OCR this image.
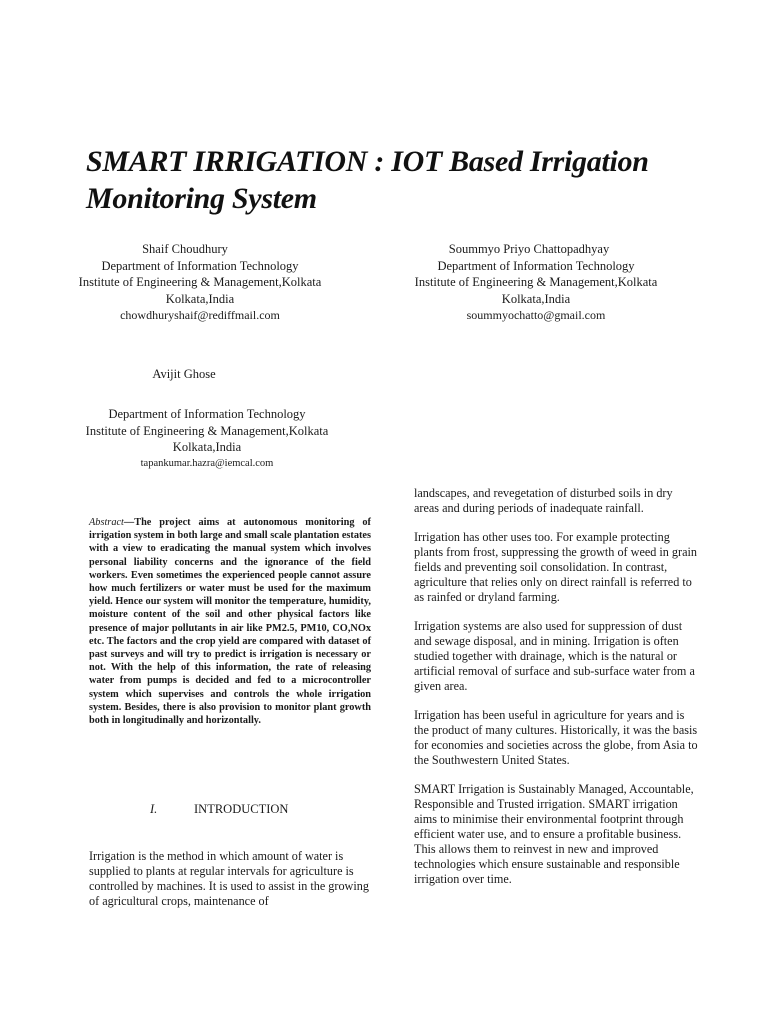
SMART IRRIGATION : IOT Based Irrigation Monitoring System
Shaif Choudhury
Department of Information Technology
Institute of Engineering & Management,Kolkata
Kolkata,India
chowdhuryshaif@rediffmail.com
Soummyo Priyo Chattopadhyay
Department of Information Technology
Institute of Engineering & Management,Kolkata
Kolkata,India
soummyochatto@gmail.com
Avijit Ghose
Department of Information Technology
Institute of Engineering & Management,Kolkata
Kolkata,India
tapankumar.hazra@iemcal.com
Abstract—The project aims at autonomous monitoring of irrigation system in both large and small scale plantation estates with a view to eradicating the manual system which involves personal liability concerns and the ignorance of the field workers. Even sometimes the experienced people cannot assure how much fertilizers or water must be used for the maximum yield. Hence our system will monitor the temperature, humidity, moisture content of the soil and other physical factors like presence of major pollutants in air like PM2.5, PM10, CO,NOx etc. The factors and the crop yield are compared with dataset of past surveys and will try to predict is irrigation is necessary or not. With the help of this information, the rate of releasing water from pumps is decided and fed to a microcontroller system which supervises and controls the whole irrigation system. Besides, there is also provision to monitor plant growth both in longitudinally and horizontally.
I.	INTRODUCTION

Irrigation is the method in which amount of water is supplied to plants at regular intervals for agriculture is controlled by machines. It is used to assist in the growing of agricultural crops, maintenance of

landscapes, and revegetation of disturbed soils in dry areas and during periods of inadequate rainfall.

Irrigation has other uses too. For example protecting plants from frost, suppressing the growth of weed in grain fields and preventing soil consolidation. In contrast, agriculture that relies only on direct rainfall is referred to as rainfed or dryland farming.

Irrigation systems are also used for suppression of dust and sewage disposal, and in mining. Irrigation is often studied together with drainage, which is the natural or artificial removal of surface and sub-surface water from a given area.

Irrigation has been useful in agriculture for years and is the product of many cultures. Historically, it was the basis for economies and societies across the globe, from Asia to the Southwestern United States.

SMART Irrigation is Sustainably Managed, Accountable, Responsible and Trusted irrigation. SMART irrigation aims to minimise their environmental footprint through efficient water use, and to ensure a profitable business. This allows them to reinvest in new and improved technologies which ensure sustainable and responsible irrigation over time.
